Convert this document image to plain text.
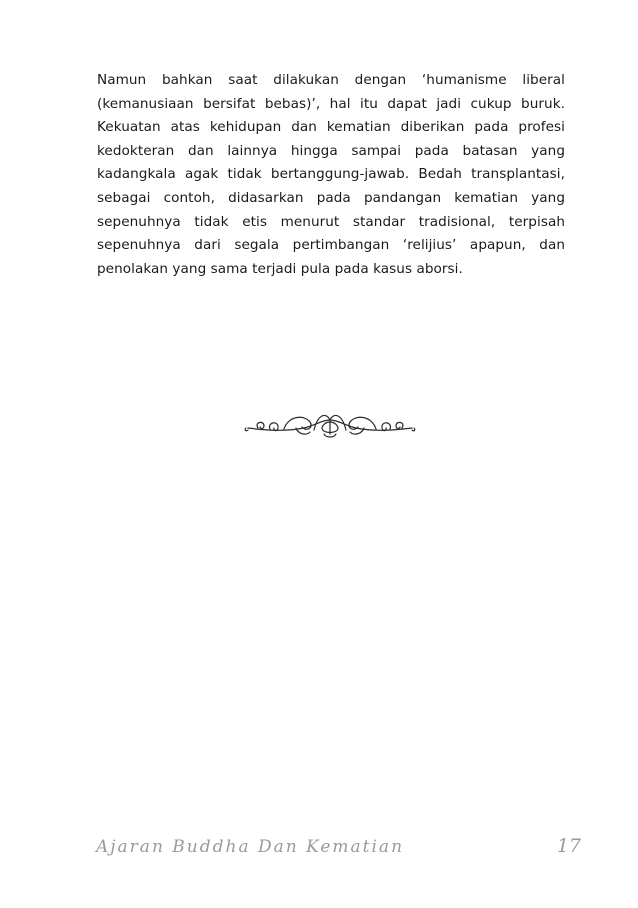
Namun bahkan saat dilakukan dengan ‘humanisme liberal (kemanusiaan bersifat bebas)’, hal itu dapat jadi cukup buruk. Kekuatan atas kehidupan dan kematian diberikan pada profesi kedokteran dan lainnya hingga sampai pada batasan yang kadangkala agak tidak bertanggung-jawab. Bedah transplantasi, sebagai contoh, didasarkan pada pandangan kematian yang sepenuhnya tidak etis menurut standar tradisional, terpisah sepenuhnya dari segala pertimbangan ‘relijius’ apapun, dan penolakan yang sama terjadi pula pada kasus aborsi.

Ajaran Buddha Dan Kematian	17
